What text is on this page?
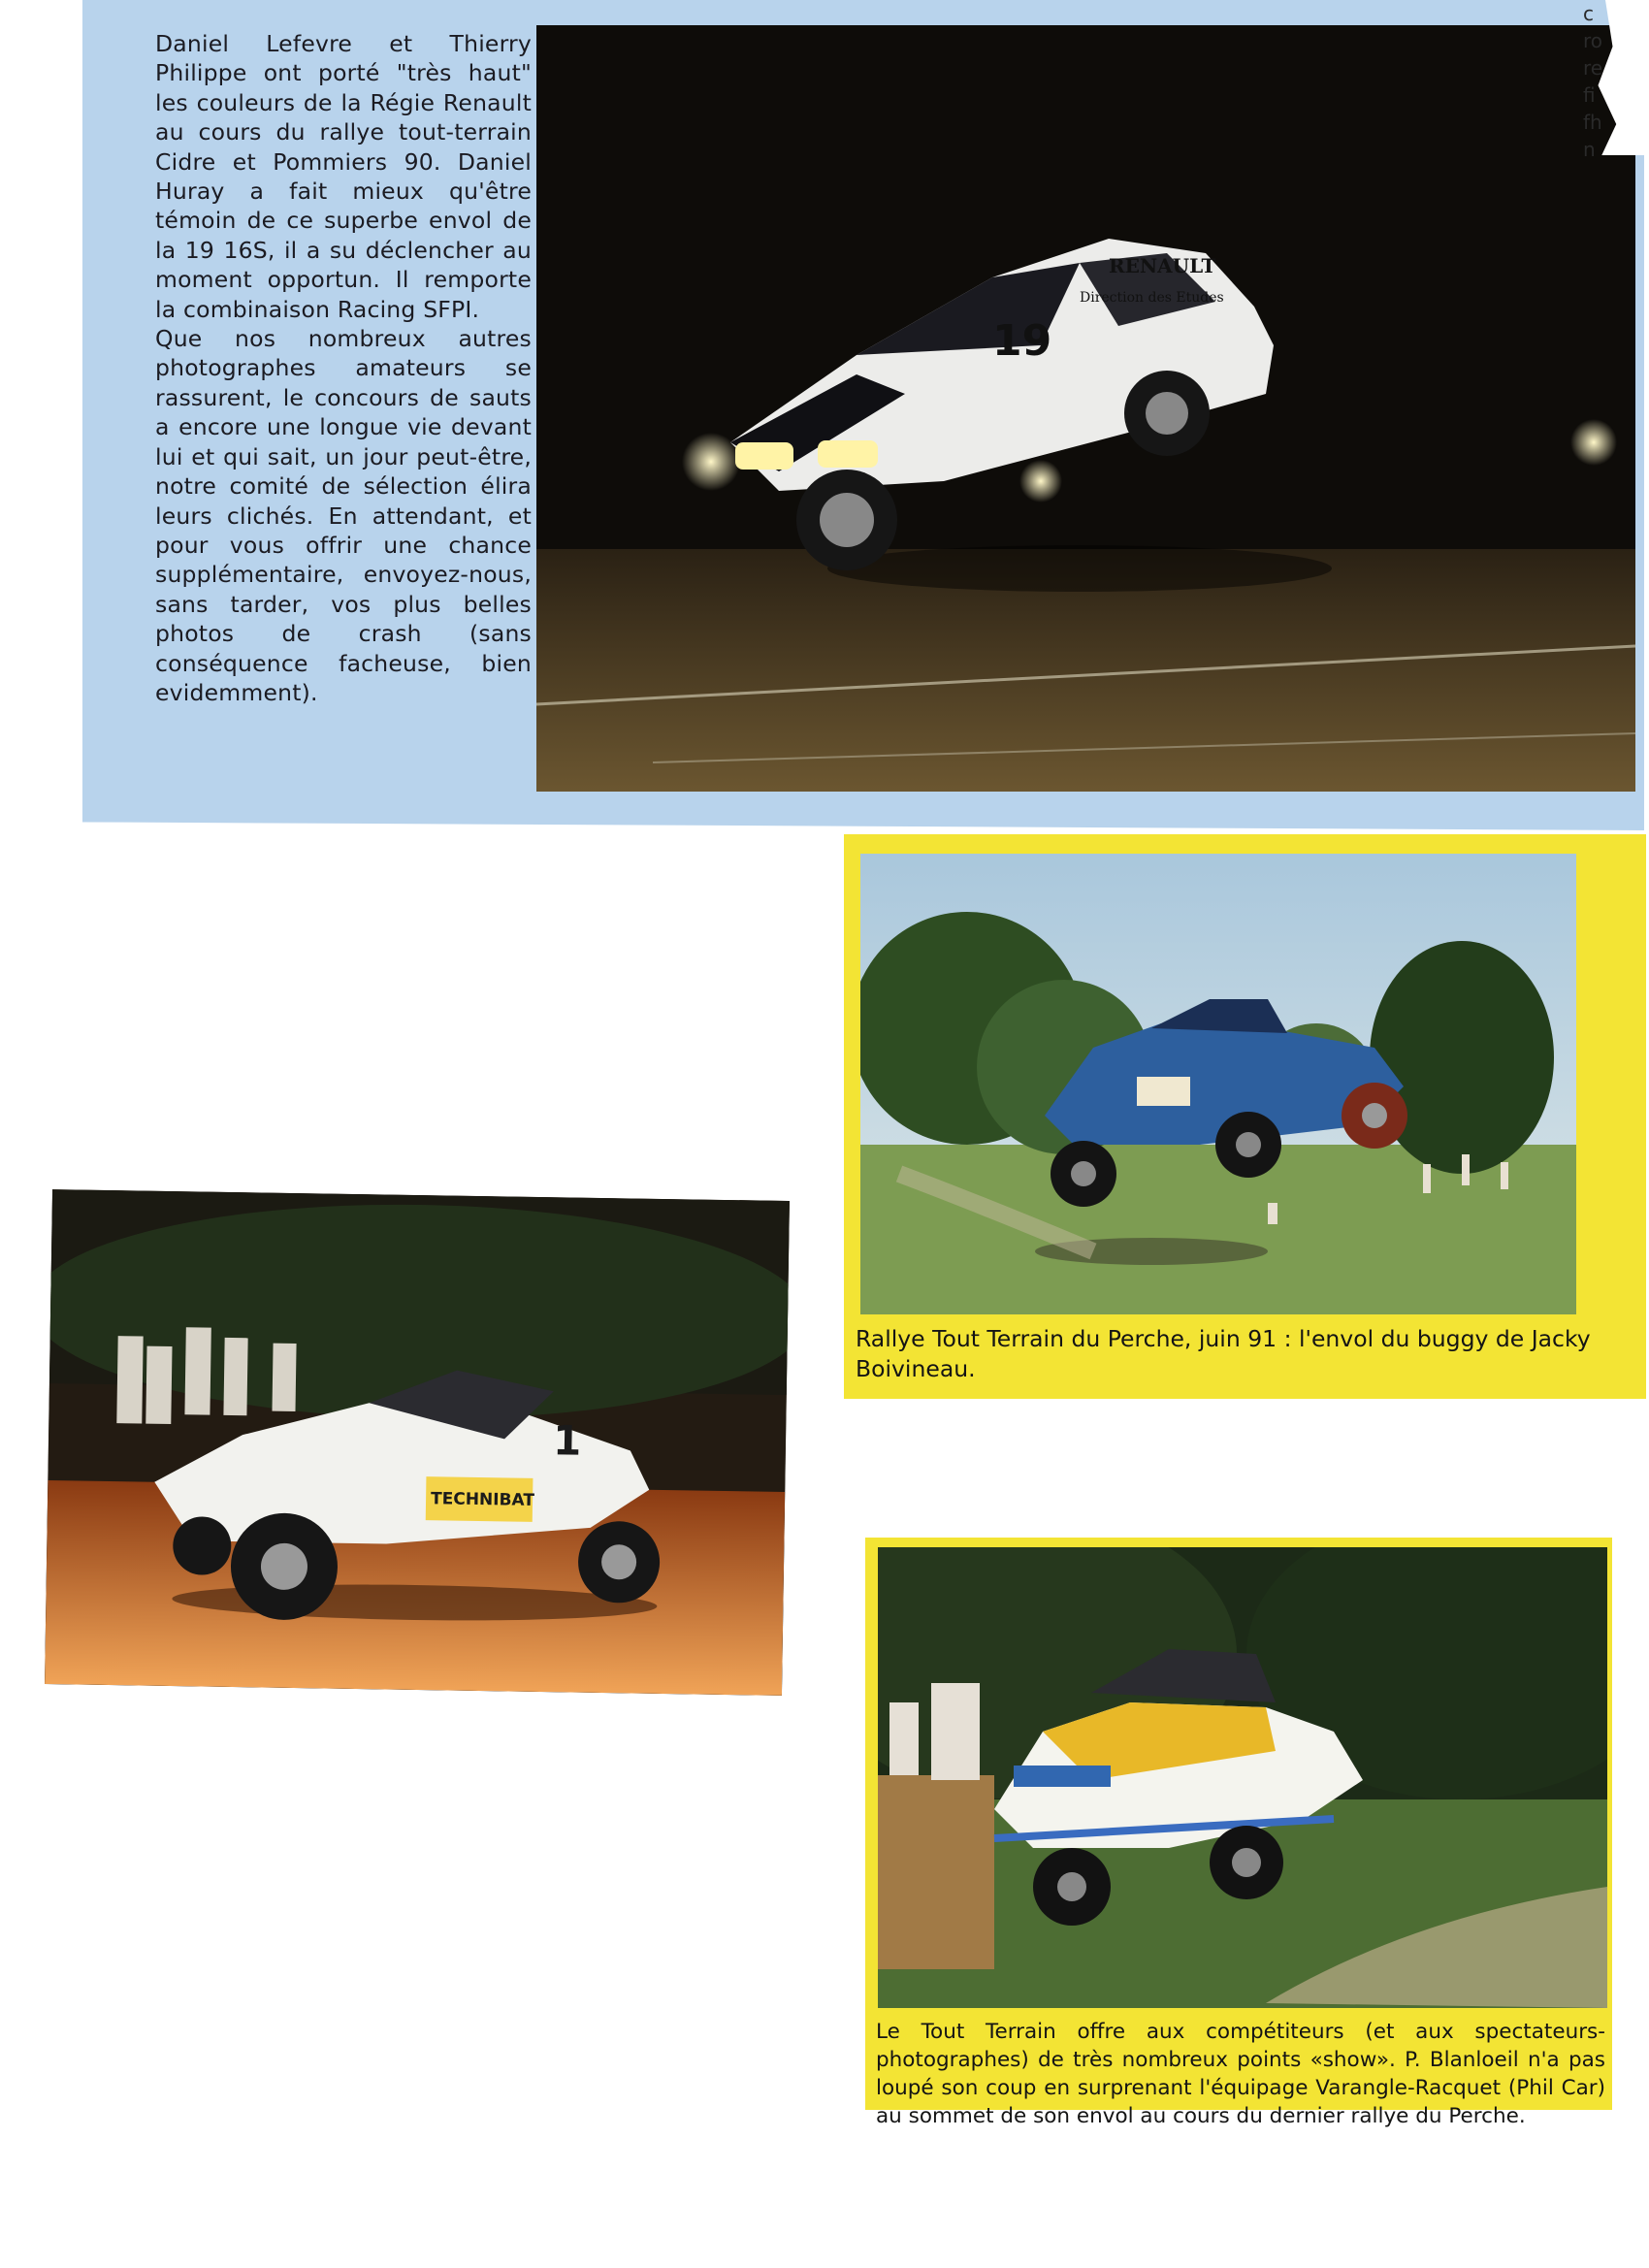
Daniel Lefevre et Thierry Philippe ont porté "très haut" les couleurs de la Régie Renault au cours du rallye tout-terrain Cidre et Pommiers 90. Daniel Huray a fait mieux qu'être témoin de ce superbe envol de la 19 16S, il a su déclencher au moment opportun. Il remporte la combinaison Racing SFPI.

Que nos nombreux autres photographes amateurs se rassurent, le concours de sauts a encore une longue vie devant lui et qui sait, un jour peut-être, notre comité de sélection élira leurs clichés. En attendant, et pour vous offrir une chance supplémentaire, envoyez-nous, sans tarder, vos plus belles photos de crash (sans conséquence facheuse, bien evidemment).

19
RENAULT
Direction des Etudes
c
ro
re
fi
fh
n
Rallye Tout Terrain du Perche, juin 91 : l'envol du buggy de Jacky Boivineau.
TECHNIBAT
1
Le Tout Terrain offre aux compétiteurs (et aux spectateurs-photographes) de très nombreux points «show». P. Blanloeil n'a pas loupé son coup en surprenant l'équipage Varangle-Racquet (Phil Car) au sommet de son envol au cours du dernier rallye du Perche.
